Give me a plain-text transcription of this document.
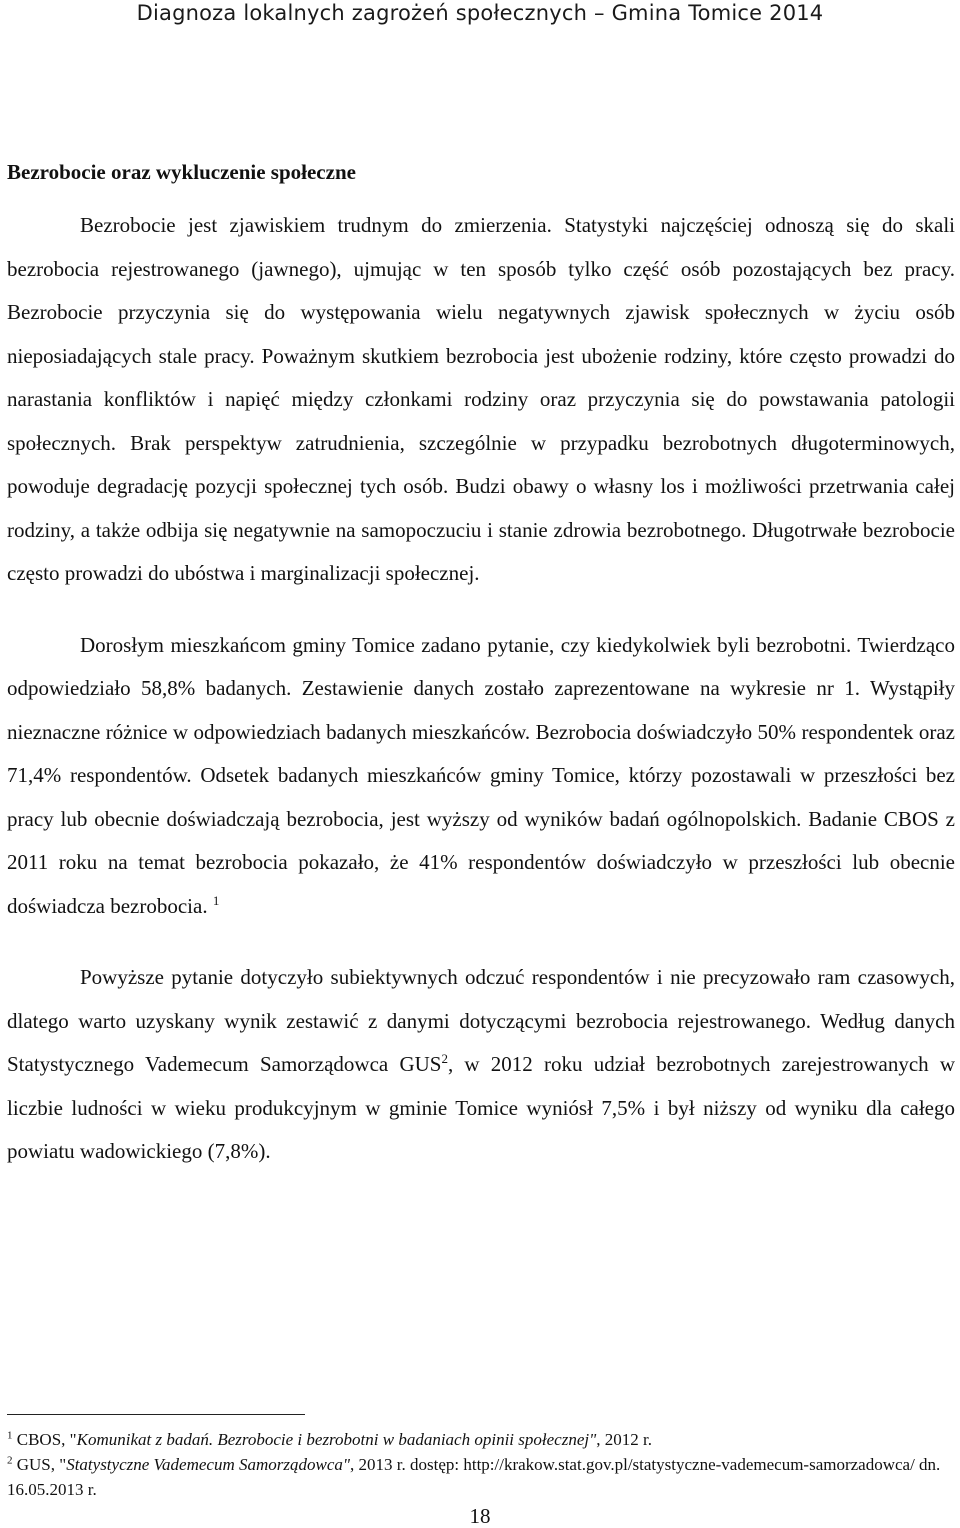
Diagnoza lokalnych zagrożeń społecznych – Gmina Tomice 2014
Bezrobocie oraz wykluczenie społeczne

Bezrobocie jest zjawiskiem trudnym do zmierzenia. Statystyki najczęściej odnoszą się do skali bezrobocia rejestrowanego (jawnego), ujmując w ten sposób tylko część osób pozostających bez pracy. Bezrobocie przyczynia się do występowania wielu negatywnych zjawisk społecznych w życiu osób nieposiadających stale pracy. Poważnym skutkiem bezrobocia jest ubożenie rodziny, które często prowadzi do narastania konfliktów i napięć między członkami rodziny oraz przyczynia się do powstawania patologii społecznych. Brak perspektyw zatrudnienia, szczególnie w przypadku bezrobotnych długoterminowych, powoduje degradację pozycji społecznej tych osób. Budzi obawy o własny los i możliwości przetrwania całej rodziny, a także odbija się negatywnie na samopoczuciu i stanie zdrowia bezrobotnego. Długotrwałe bezrobocie często prowadzi do ubóstwa i marginalizacji społecznej.

Dorosłym mieszkańcom gminy Tomice zadano pytanie, czy kiedykolwiek byli bezrobotni. Twierdząco odpowiedziało 58,8% badanych. Zestawienie danych zostało zaprezentowane na wykresie nr 1. Wystąpiły nieznaczne różnice w odpowiedziach badanych mieszkańców. Bezrobocia doświadczyło 50% respondentek oraz 71,4% respondentów. Odsetek badanych mieszkańców gminy Tomice, którzy pozostawali w przeszłości bez pracy lub obecnie doświadczają bezrobocia, jest wyższy od wyników badań ogólnopolskich. Badanie CBOS z 2011 roku na temat bezrobocia pokazało, że 41% respondentów doświadczyło w przeszłości lub obecnie doświadcza bezrobocia. $^1$

Powyższe pytanie dotyczyło subiektywnych odczuć respondentów i nie precyzowało ram czasowych, dlatego warto uzyskany wynik zestawić z danymi dotyczącymi bezrobocia rejestrowanego. Według danych Statystycznego Vademecum Samorządowca GUS$^2$, w 2012 roku udział bezrobotnych zarejestrowanych w liczbie ludności w wieku produkcyjnym w gminie Tomice wyniósł 7,5% i był niższy od wyniku dla całego powiatu wadowickiego (7,8%).

$^1$ CBOS, "Komunikat z badań. Bezrobocie i bezrobotni w badaniach opinii społecznej", 2012 r.

$^2$ GUS, "Statystyczne Vademecum Samorządowca", 2013 r. dostęp: http://krakow.stat.gov.pl/statystyczne-vademecum-samorzadowca/ dn. 16.05.2013 r.

18
